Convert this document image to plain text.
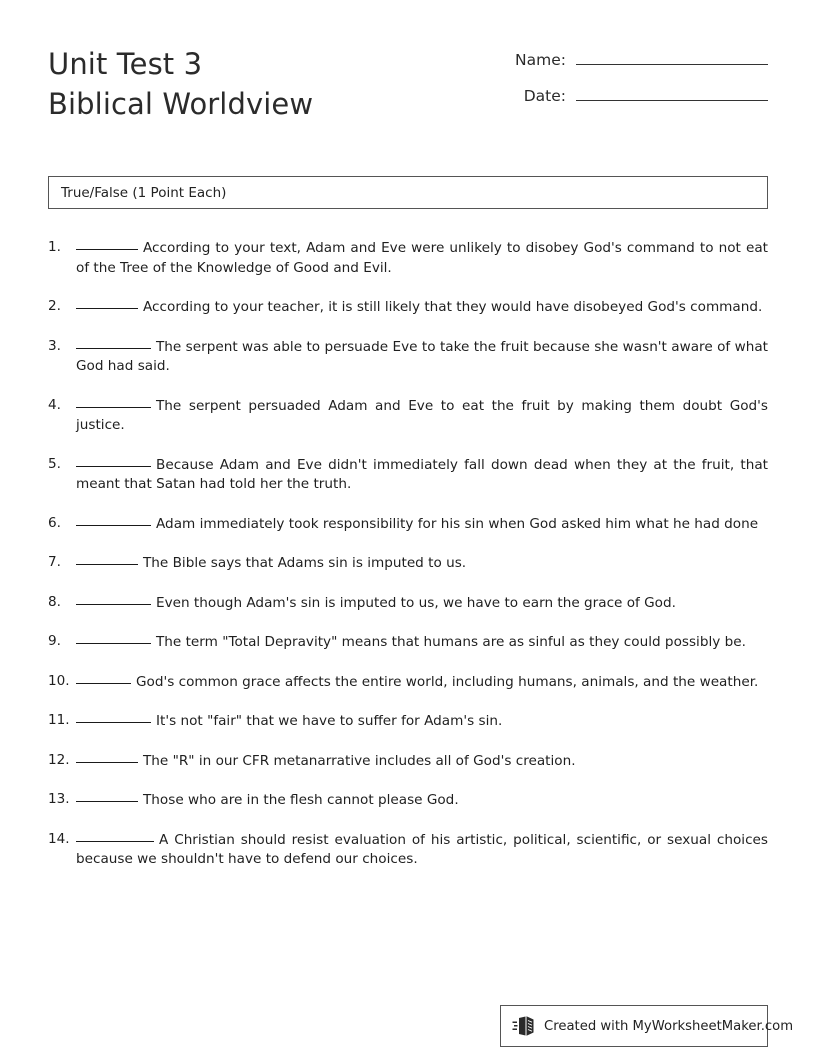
Unit Test 3
Biblical Worldview
Name:
Date:
True/False (1 Point Each)
1.	According to your text, Adam and Eve were unlikely to disobey God's command to not eat of the Tree of the Knowledge of Good and Evil.
2.	According to your teacher, it is still likely that they would have disobeyed God's command.
3.	The serpent was able to persuade Eve to take the fruit because she wasn't aware of what God had said.
4.	The serpent persuaded Adam and Eve to eat the fruit by making them doubt God's justice.
5.	Because Adam and Eve didn't immediately fall down dead when they at the fruit, that meant that Satan had told her the truth.
6.	Adam immediately took responsibility for his sin when God asked him what he had done
7.	The Bible says that Adams sin is imputed to us.
8.	Even though Adam's sin is imputed to us, we have to earn the grace of God.
9.	The term "Total Depravity" means that humans are as sinful as they could possibly be.
10.	God's common grace affects the entire world, including humans, animals, and the weather.
11.	It's not "fair" that we have to suffer for Adam's sin.
12.	The "R" in our CFR metanarrative includes all of God's creation.
13.	Those who are in the flesh cannot please God.
14.	A Christian should resist evaluation of his artistic, political, scientific, or sexual choices because we shouldn't have to defend our choices.
Created with MyWorksheetMaker.com
